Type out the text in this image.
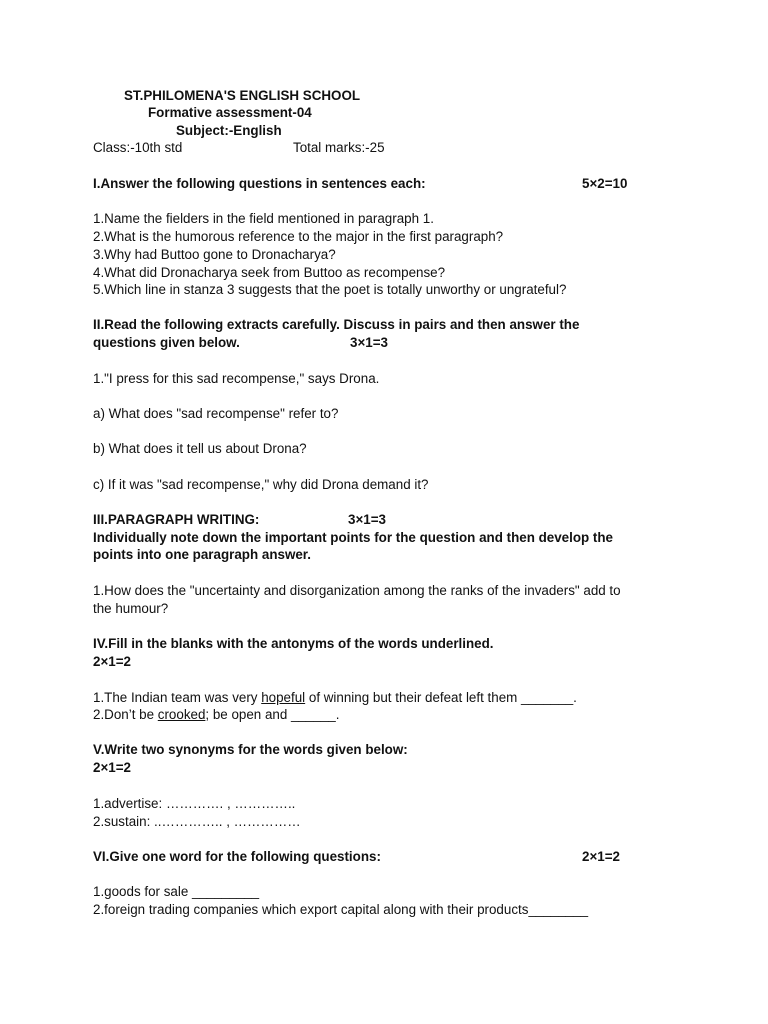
ST.PHILOMENA'S ENGLISH SCHOOL
Formative assessment-04
Subject:-English
Class:-10th std	Total marks:-25
I.Answer the following questions in sentences each:	5×2=10
1.Name the fielders in the field mentioned in paragraph 1.
2.What is the humorous reference to the major in the first paragraph?
3.Why had Buttoo gone to Dronacharya?
4.What did Dronacharya seek from Buttoo as recompense?
5.Which line in stanza 3 suggests that the poet is totally unworthy or ungrateful?
II.Read the following extracts carefully. Discuss in pairs and then answer the
questions given below.	3×1=3
1."I press for this sad recompense," says Drona.
a) What does "sad recompense" refer to?
b) What does it tell us about Drona?
c) If it was "sad recompense," why did Drona demand it?
III.PARAGRAPH WRITING:	3×1=3
Individually note down the important points for the question and then develop the
points into one paragraph answer.
1.How does the "uncertainty and disorganization among the ranks of the invaders" add to
the humour?
IV.Fill in the blanks with the antonyms of the words underlined.
2×1=2
1.The Indian team was very hopeful of winning but their defeat left them _______.
2.Don’t be crooked; be open and ______.
V.Write two synonyms for the words given below:
2×1=2
1.advertise: …………. , …………..
2.sustain: ..………….. , ……………
VI.Give one word for the following questions:	2×1=2
1.goods for sale _________
2.foreign trading companies which export capital along with their products________
